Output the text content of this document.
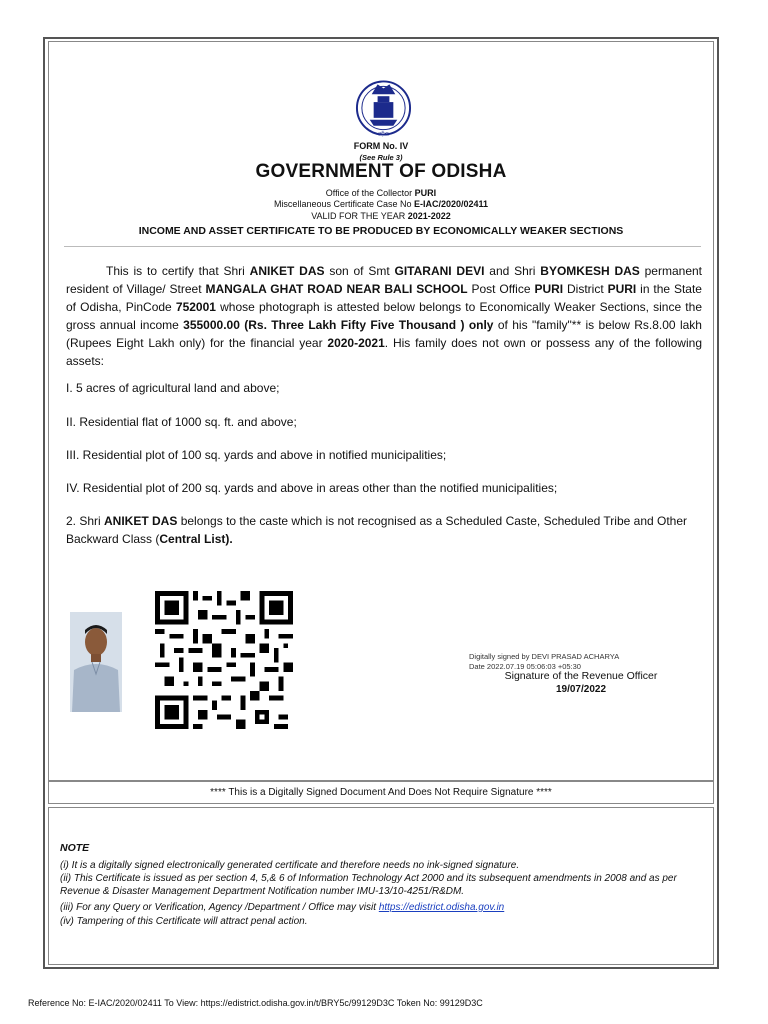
ଓଡ଼ିଶା
FORM No. IV
(See Rule 3)
GOVERNMENT OF ODISHA
Office of the Collector PURI
Miscellaneous Certificate Case No E-IAC/2020/02411
VALID FOR THE YEAR 2021-2022
INCOME AND ASSET CERTIFICATE TO BE PRODUCED BY ECONOMICALLY WEAKER SECTIONS
This is to certify that Shri ANIKET DAS son of Smt GITARANI DEVI and Shri BYOMKESH DAS permanent resident of Village/ Street MANGALA GHAT ROAD NEAR BALI SCHOOL Post Office PURI District PURI in the State of Odisha, PinCode 752001 whose photograph is attested below belongs to Economically Weaker Sections, since the gross annual income 355000.00 (Rs. Three Lakh Fifty Five Thousand ) only of his "family"** is below Rs.8.00 lakh (Rupees Eight Lakh only) for the financial year 2020-2021. His family does not own or possess any of the following assets:
I. 5 acres of agricultural land and above;
II. Residential flat of 1000 sq. ft. and above;
III. Residential plot of 100 sq. yards and above in notified municipalities;
IV. Residential plot of 200 sq. yards and above in areas other than the notified municipalities;
2. Shri ANIKET DAS belongs to the caste which is not recognised as a Scheduled Caste, Scheduled Tribe and Other Backward Class (Central List).
Digitally signed by DEVI PRASAD ACHARYA
Date 2022.07.19 05:06:03 +05:30
Signature of the Revenue Officer
19/07/2022
**** This is a Digitally Signed Document And Does Not Require Signature ****
NOTE
(i) It is a digitally signed electronically generated certificate and therefore needs no ink-signed signature.
(ii) This Certificate is issued as per section 4, 5,& 6 of Information Technology Act 2000 and its subsequent amendments in 2008 and as per Revenue & Disaster Management Department Notification number IMU-13/10-4251/R&DM.
(iii) For any Query or Verification, Agency /Department / Office may visit https://edistrict.odisha.gov.in
(iv) Tampering of this Certificate will attract penal action.
Reference No: E-IAC/2020/02411 To View: https://edistrict.odisha.gov.in/t/BRY5c/99129D3C Token No: 99129D3C
